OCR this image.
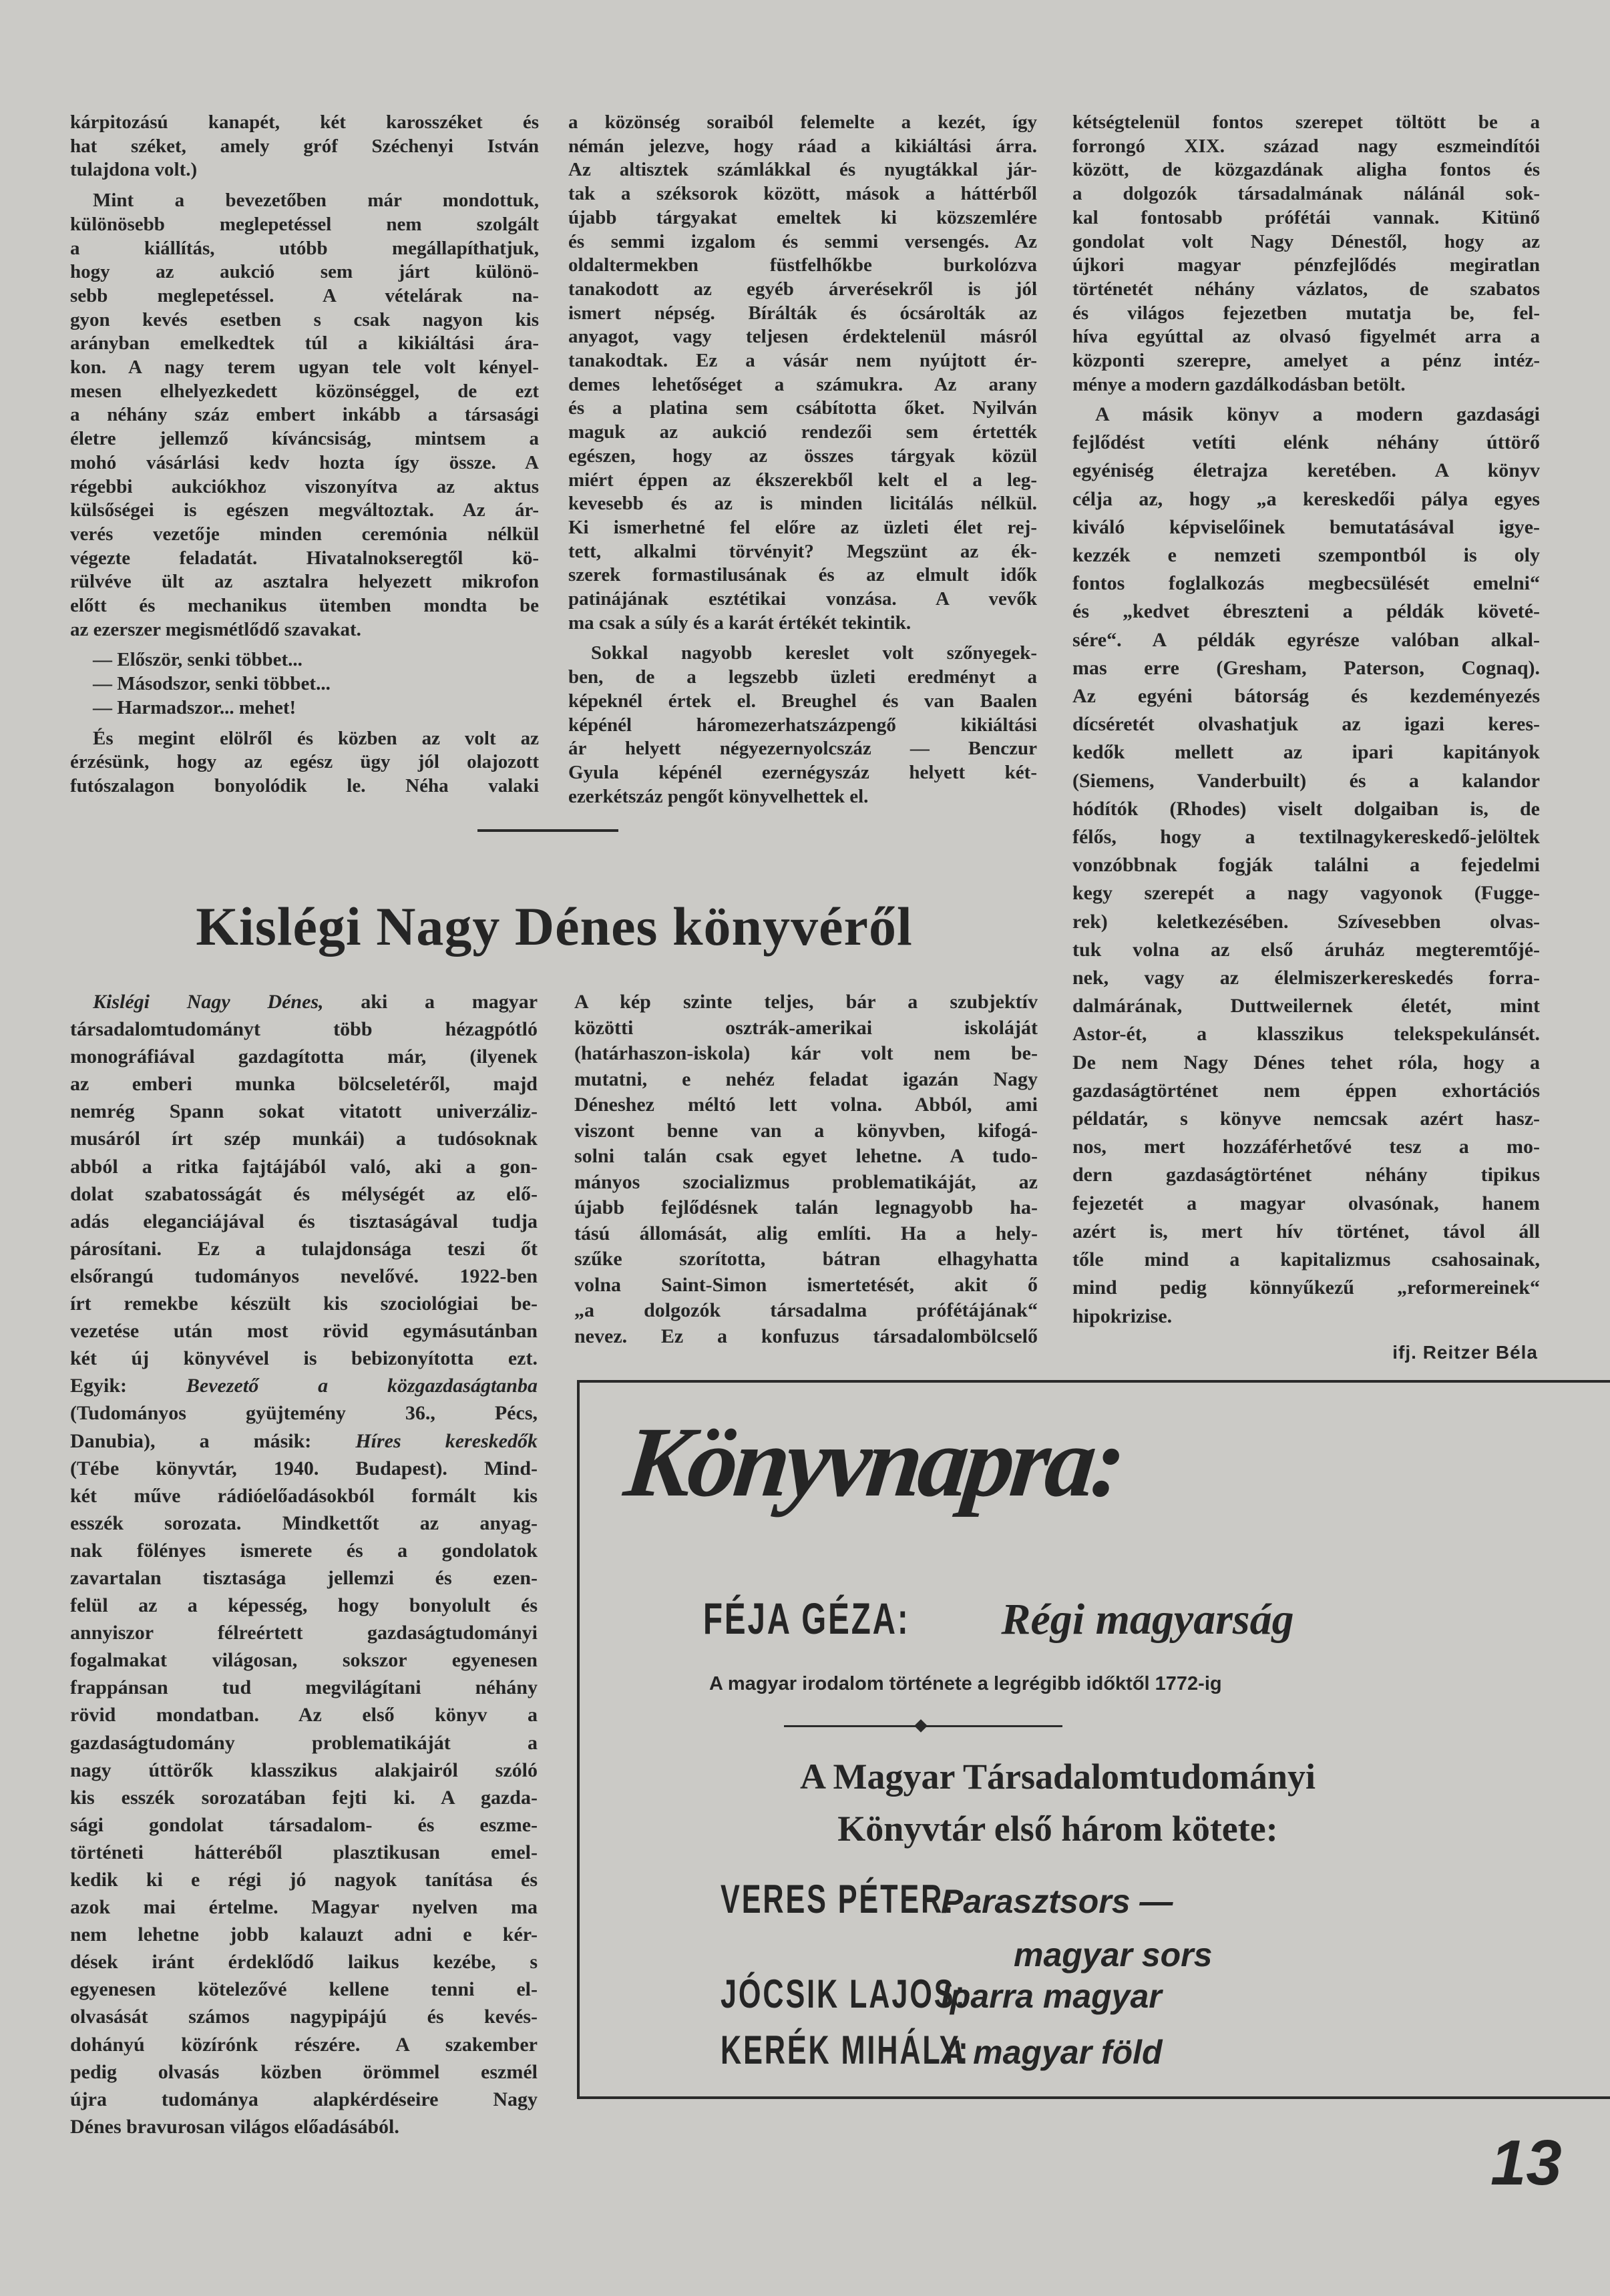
kárpitozású kanapét, két karosszéket és
hat széket, amely gróf Széchenyi István
tulajdona volt.)
Mint a bevezetőben már mondottuk,
különösebb meglepetéssel nem szolgált
a kiállítás, utóbb megállapíthatjuk,
hogy az aukció sem járt különö-
sebb meglepetéssel. A vételárak na-
gyon kevés esetben s csak nagyon kis
arányban emelkedtek túl a kikiáltási ára-
kon. A nagy terem ugyan tele volt kényel-
mesen elhelyezkedett közönséggel, de ezt
a néhány száz embert inkább a társasági
életre jellemző kíváncsiság, mintsem a
mohó vásárlási kedv hozta így össze. A
régebbi aukciókhoz viszonyítva az aktus
külsőségei is egészen megváltoztak. Az ár-
verés vezetője minden ceremónia nélkül
végezte feladatát. Hivatalnokseregtől kö-
rülvéve ült az asztalra helyezett mikrofon
előtt és mechanikus ütemben mondta be
az ezerszer megismétlődő szavakat.
— Először, senki többet...
— Másodszor, senki többet...
— Harmadszor... mehet!
És megint elölről és közben az volt az
érzésünk, hogy az egész ügy jól olajozott
futószalagon bonyolódik le. Néha valaki
a közönség soraiból felemelte a kezét, így
némán jelezve, hogy ráad a kikiáltási árra.
Az altisztek számlákkal és nyugtákkal jár-
tak a széksorok között, mások a háttérből
újabb tárgyakat emeltek ki közszemlére
és semmi izgalom és semmi versengés. Az
oldaltermekben füstfelhőkbe burkolózva
tanakodott az egyéb árverésekről is jól
ismert népség. Bírálták és ócsárolták az
anyagot, vagy teljesen érdektelenül másról
tanakodtak. Ez a vásár nem nyújtott ér-
demes lehetőséget a számukra. Az arany
és a platina sem csábította őket. Nyilván
maguk az aukció rendezői sem értették
egészen, hogy az összes tárgyak közül
miért éppen az ékszerekből kelt el a leg-
kevesebb és az is minden licitálás nélkül.
Ki ismerhetné fel előre az üzleti élet rej-
tett, alkalmi törvényit? Megszünt az ék-
szerek formastilusának és az elmult idők
patinájának esztétikai vonzása. A vevők
ma csak a súly és a karát értékét tekintik.
Sokkal nagyobb kereslet volt szőnyegek-
ben, de a legszebb üzleti eredményt a
képeknél értek el. Breughel és van Baalen
képénél háromezerhatszázpengő kikiáltási
ár helyett négyezernyolcszáz — Benczur
Gyula képénél ezernégyszáz helyett két-
ezerkétszáz pengőt könyvelhettek el.
Kislégi Nagy Dénes könyvéről
kétségtelenül fontos szerepet töltött be a
forrongó XIX. század nagy eszmeindítói
között, de közgazdának aligha fontos és
a dolgozók társadalmának nálánál sok-
kal fontosabb prófétái vannak. Kitünő
gondolat volt Nagy Dénestől, hogy az
újkori magyar pénzfejlődés megiratlan
történetét néhány vázlatos, de szabatos
és világos fejezetben mutatja be, fel-
híva egyúttal az olvasó figyelmét arra a
központi szerepre, amelyet a pénz intéz-
ménye a modern gazdálkodásban betölt.
A másik könyv a modern gazdasági
fejlődést vetíti elénk néhány úttörő
egyéniség életrajza keretében. A könyv
célja az, hogy „a kereskedői pálya egyes
kiváló képviselőinek bemutatásával igye-
kezzék e nemzeti szempontból is oly
fontos foglalkozás megbecsülését emelni“
és „kedvet ébreszteni a példák követé-
sére“. A példák egyrésze valóban alkal-
mas erre (Gresham, Paterson, Cognaq).
Az egyéni bátorság és kezdeményezés
dícséretét olvashatjuk az igazi keres-
kedők mellett az ipari kapitányok
(Siemens, Vanderbuilt) és a kalandor
hódítók (Rhodes) viselt dolgaiban is, de
félős, hogy a textilnagykereskedő-jelöltek
vonzóbbnak fogják találni a fejedelmi
kegy szerepét a nagy vagyonok (Fugge-
rek) keletkezésében. Szívesebben olvas-
tuk volna az első áruház megteremtőjé-
nek, vagy az élelmiszerkereskedés forra-
dalmárának, Duttweilernek életét, mint
Astor-ét, a klasszikus telekspekulánsét.
De nem Nagy Dénes tehet róla, hogy a
gazdaságtörténet nem éppen exhortációs
példatár, s könyve nemcsak azért hasz-
nos, mert hozzáférhetővé tesz a mo-
dern gazdaságtörténet néhány tipikus
fejezetét a magyar olvasónak, hanem
azért is, mert hív történet, távol áll
tőle mind a kapitalizmus csahosainak,
mind pedig könnyűkezű „reformereinek“
hipokrizise.
ifj. Reitzer Béla
Kislégi Nagy Dénes, aki a magyar
társadalomtudományt több hézagpótló
monográfiával gazdagította már, (ilyenek
az emberi munka bölcseletéről, majd
nemrég Spann sokat vitatott univerzáliz-
musáról írt szép munkái) a tudósoknak
abból a ritka fajtájából való, aki a gon-
dolat szabatosságát és mélységét az elő-
adás eleganciájával és tisztaságával tudja
párosítani. Ez a tulajdonsága teszi őt
elsőrangú tudományos nevelővé. 1922-ben
írt remekbe készült kis szociológiai be-
vezetése után most rövid egymásutánban
két új könyvével is bebizonyította ezt.
Egyik: Bevezető a közgazdaságtanba
(Tudományos gyüjtemény 36., Pécs,
Danubia), a másik: Híres kereskedők
(Tébe könyvtár, 1940. Budapest). Mind-
két műve rádióelőadásokból formált kis
esszék sorozata. Mindkettőt az anyag-
nak fölényes ismerete és a gondolatok
zavartalan tisztasága jellemzi és ezen-
felül az a képesség, hogy bonyolult és
annyiszor félreértett gazdaságtudományi
fogalmakat világosan, sokszor egyenesen
frappánsan tud megvilágítani néhány
rövid mondatban. Az első könyv a
gazdaságtudomány problematikáját a
nagy úttörők klasszikus alakjairól szóló
kis esszék sorozatában fejti ki. A gazda-
sági gondolat társadalom- és eszme-
történeti hátteréből plasztikusan emel-
kedik ki e régi jó nagyok tanítása és
azok mai értelme. Magyar nyelven ma
nem lehetne jobb kalauzt adni e kér-
dések iránt érdeklődő laikus kezébe, s
egyenesen kötelezővé kellene tenni el-
olvasását számos nagypipájú és kevés-
dohányú közírónk részére. A szakember
pedig olvasás közben örömmel eszmél
újra tudománya alapkérdéseire Nagy
Dénes bravurosan világos előadásából.
A kép szinte teljes, bár a szubjektív
közötti osztrák-amerikai iskoláját
(határhaszon-iskola) kár volt nem be-
mutatni, e nehéz feladat igazán Nagy
Déneshez méltó lett volna. Abból, ami
viszont benne van a könyvben, kifogá-
solni talán csak egyet lehetne. A tudo-
mányos szocializmus problematikáját, az
újabb fejlődésnek talán legnagyobb ha-
tású állomását, alig említi. Ha a hely-
szűke szorította, bátran elhagyhatta
volna Saint-Simon ismertetését, akit ő
„a dolgozók társadalma prófétájának“
nevez. Ez a konfuzus társadalombölcselő
Könyvnapra:
FÉJA GÉZA: Régi magyarság
A magyar irodalom története a legrégibb időktől 1772-ig
A Magyar Társadalomtudományi
Könyvtár első három kötete:
VERES PÉTER:Parasztsors —
magyar sors
JÓCSIK LAJOS:Iparra magyar
KERÉK MIHÁLY:A magyar föld
13
